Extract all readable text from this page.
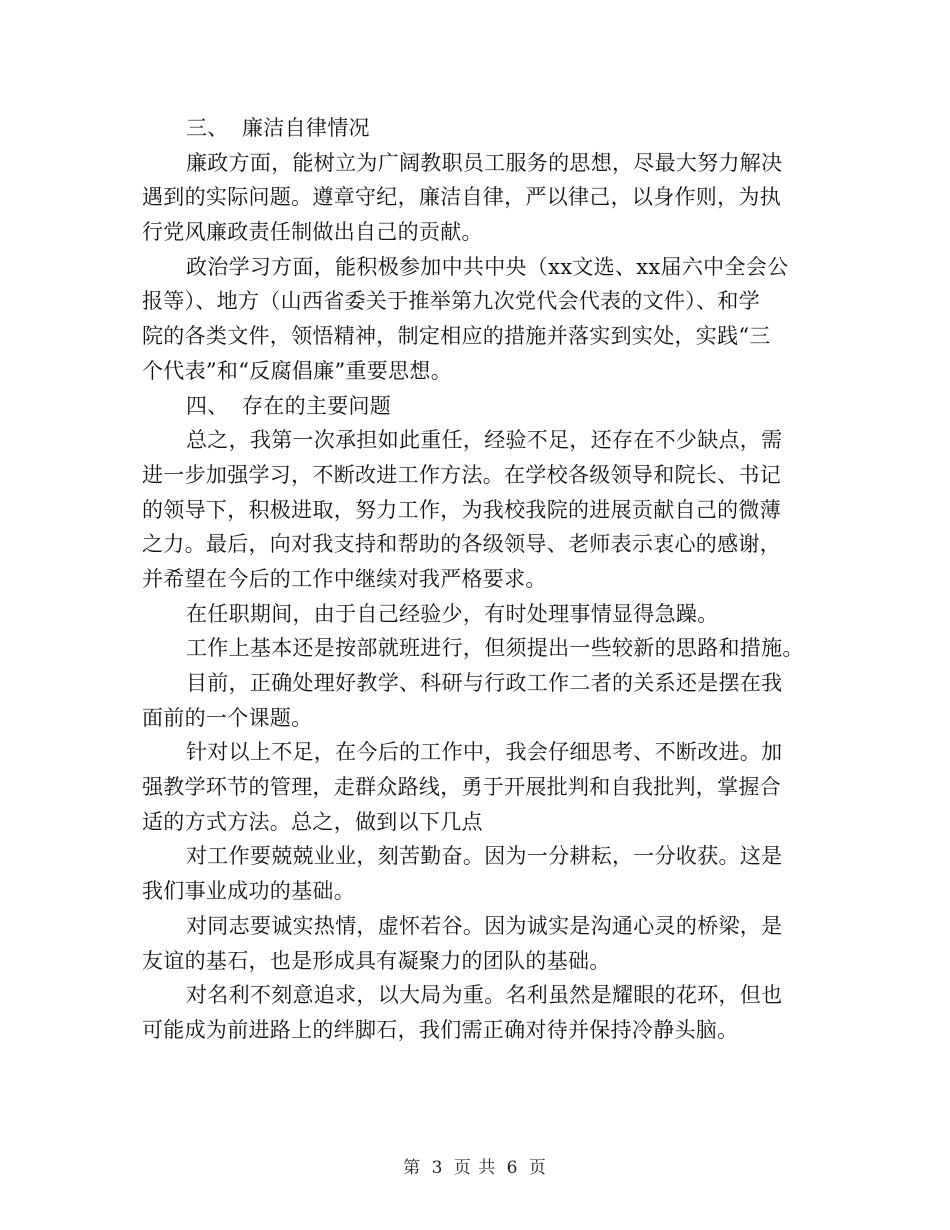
三、 廉洁自律情况
廉政方面，能树立为广阔教职员工服务的思想，尽最大努力解决
遇到的实际问题。遵章守纪，廉洁自律，严以律己，以身作则，为执
行党风廉政责任制做出自己的贡献。
政治学习方面，能积极参加中共中央（xx文选、xx届六中全会公
报等）、地方（山西省委关于推举第九次党代会代表的文件）、和学
院的各类文件，领悟精神，制定相应的措施并落实到实处，实践“三
个代表”和“反腐倡廉”重要思想。
四、 存在的主要问题
总之，我第一次承担如此重任，经验不足，还存在不少缺点，需
进一步加强学习，不断改进工作方法。在学校各级领导和院长、书记
的领导下，积极进取，努力工作，为我校我院的进展贡献自己的微薄
之力。最后，向对我支持和帮助的各级领导、老师表示衷心的感谢，
并希望在今后的工作中继续对我严格要求。
在任职期间，由于自己经验少，有时处理事情显得急躁。
工作上基本还是按部就班进行，但须提出一些较新的思路和措施。
目前，正确处理好教学、科研与行政工作二者的关系还是摆在我
面前的一个课题。
针对以上不足，在今后的工作中，我会仔细思考、不断改进。加
强教学环节的管理，走群众路线，勇于开展批判和自我批判，掌握合
适的方式方法。总之，做到以下几点
对工作要兢兢业业，刻苦勤奋。因为一分耕耘，一分收获。这是
我们事业成功的基础。
对同志要诚实热情，虚怀若谷。因为诚实是沟通心灵的桥梁，是
友谊的基石，也是形成具有凝聚力的团队的基础。
对名利不刻意追求，以大局为重。名利虽然是耀眼的花环，但也
可能成为前进路上的绊脚石，我们需正确对待并保持冷静头脑。
第 3 页 共 6 页
